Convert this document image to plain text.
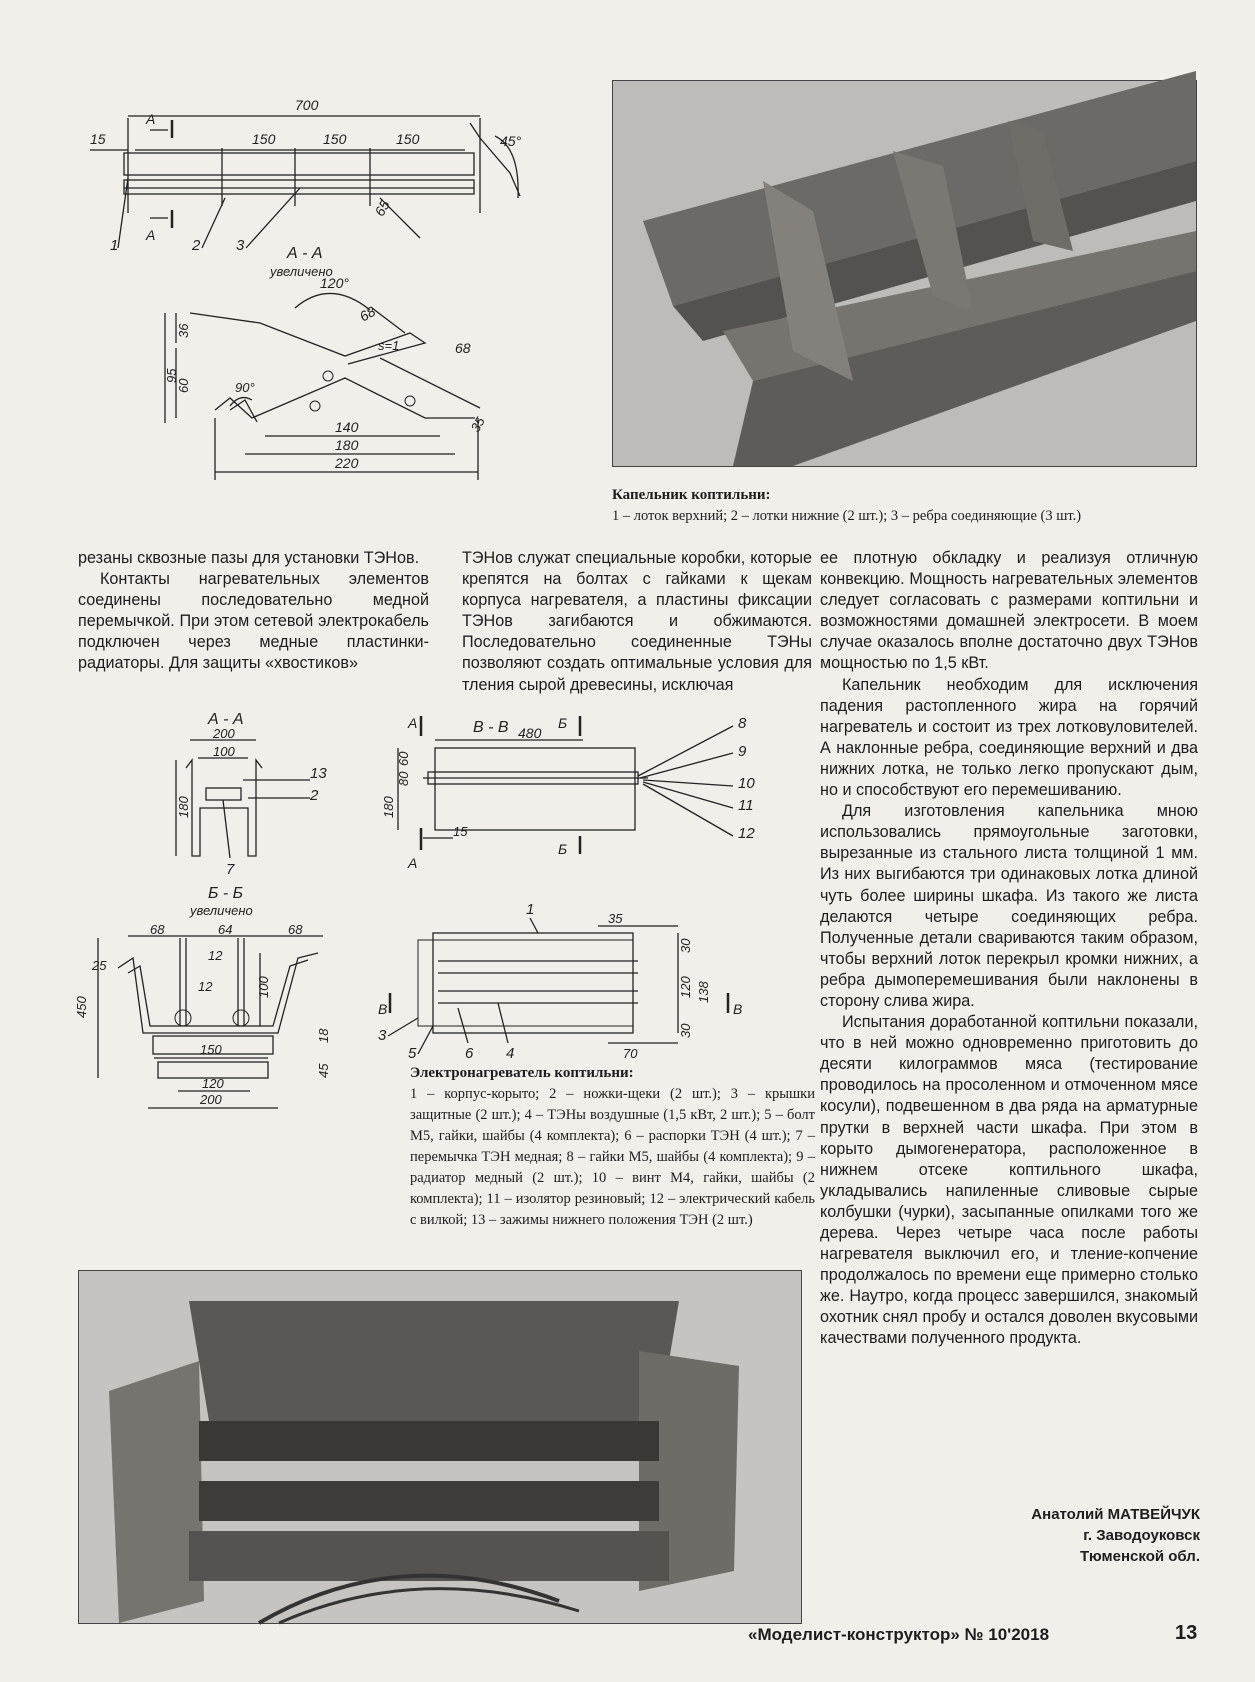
700
15	150	150	150	45°
65
А
А
1	2 3	А - А
увеличено
120°
68
68
s=1
36
95
60	90°
140
180
220
35
Капельник коптильни:
1 – лоток верхний; 2 – лотки нижние (2 шт.); 3 – ребра соединяющие (3 шт.)

резаны сквозные пазы для установки ТЭНов.

Контакты нагревательных элементов соединены последовательно медной перемычкой. При этом сетевой электрокабель подключен через медные пластинки-радиаторы. Для защиты «хвостиков»

ТЭНов служат специальные коробки, которые крепятся на болтах с гайками к щекам корпуса нагревателя, а пластины фиксации ТЭНов загибаются и обжимаются. Последовательно соединенные ТЭНы позволяют создать оптимальные условия для тления сырой древесины, исключая

ее плотную обкладку и реализуя отличную конвекцию. Мощность нагревательных элементов следует согласовать с размерами коптильни и возможностями домашней электросети. В моем случае оказалось вполне достаточно двух ТЭНов мощностью по 1,5 кВт.

Капельник необходим для исключения падения растопленного жира на горячий нагреватель и состоит из трех лотковуловителей. А наклонные ребра, соединяющие верхний и два нижних лотка, не только легко пропускают дым, но и способствуют его перемешиванию.

Для изготовления капельника мною использовались прямоугольные заготовки, вырезанные из стального листа толщиной 1 мм. Из них выгибаются три одинаковых лотка длиной чуть более ширины шкафа. Из такого же листа делаются четыре соединяющих ребра. Полученные детали свариваются таким образом, чтобы верхний лоток перекрыл кромки нижних, а ребра дымоперемешивания были наклонены в сторону слива жира.

Испытания доработанной коптильни показали, что в ней можно одновременно приготовить до десяти килограммов мяса (тестирование проводилось на просоленном и отмоченном мясе косули), подвешенном в два ряда на арматурные прутки в верхней части шкафа. При этом в корыто дымогенератора, расположенное в нижнем отсеке коптильного шкафа, укладывались напиленные сливовые сырые колбушки (чурки), засыпанные опилками того же дерева. Через четыре часа после работы нагревателя выключил его, и тление-копчение продолжалось по времени еще примерно столько же. Наутро, когда процесс завершился, знакомый охотник снял пробу и остался доволен вкусовыми качествами полученного продукта.

А - А
200
100
180
13
2
7
В - В 480
180
80
60
15
А	Б
Б
А
8
9
10
11
12
Б - Б
увеличено
68	64	68
25
12
12	100
450
18
150
45
120
200
1
35
30
120 138
30
70
В	В
3
5	6 4
Электронагреватель коптильни:
1 – корпус-корыто; 2 – ножки-щеки (2 шт.); 3 – крышки защитные (2 шт.); 4 – ТЭНы воздушные (1,5 кВт, 2 шт.); 5 – болт М5, гайки, шайбы (4 комплекта); 6 – распорки ТЭН (4 шт.); 7 – перемычка ТЭН медная; 8 – гайки М5, шайбы (4 комплекта); 9 – радиатор медный (2 шт.); 10 – винт М4, гайки, шайбы (2 комплекта); 11 – изолятор резиновый; 12 – электрический кабель с вилкой; 13 – зажимы нижнего положения ТЭН (2 шт.)
Анатолий МАТВЕЙЧУК
г. Заводоуковск
Тюменской обл.
«Моделист-конструктор» № 10'2018	13
